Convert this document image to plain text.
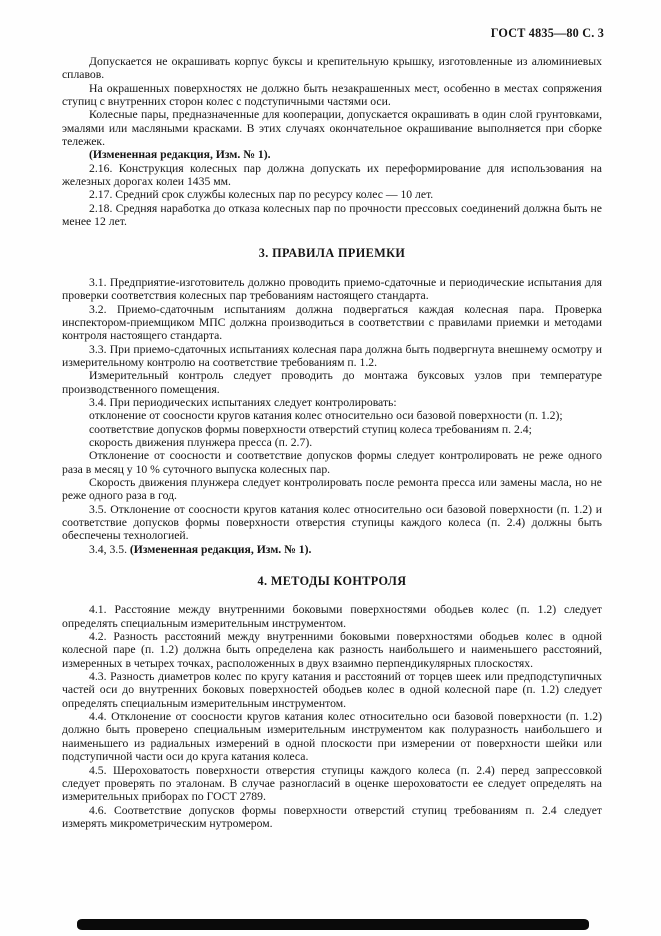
ГОСТ 4835—80 С. 3

Допускается не окрашивать корпус буксы и крепительную крышку, изготовленные из алюминиевых сплавов.

На окрашенных поверхностях не должно быть незакрашенных мест, особенно в местах сопряжения ступиц с внутренних сторон колес с подступичными частями оси.

Колесные пары, предназначенные для кооперации, допускается окрашивать в один слой грунтовками, эмалями или масляными красками. В этих случаях окончательное окрашивание выполняется при сборке тележек.

(Измененная редакция, Изм. № 1).

2.16. Конструкция колесных пар должна допускать их переформирование для использования на железных дорогах колеи 1435 мм.

2.17. Средний срок службы колесных пар по ресурсу колес — 10 лет.

2.18. Средняя наработка до отказа колесных пар по прочности прессовых соединений должна быть не менее 12 лет.

3. ПРАВИЛА ПРИЕМКИ

3.1. Предприятие-изготовитель должно проводить приемо-сдаточные и периодические испытания для проверки соответствия колесных пар требованиям настоящего стандарта.

3.2. Приемо-сдаточным испытаниям должна подвергаться каждая колесная пара. Проверка инспектором-приемщиком МПС должна производиться в соответствии с правилами приемки и методами контроля настоящего стандарта.

3.3. При приемо-сдаточных испытаниях колесная пара должна быть подвергнута внешнему осмотру и измерительному контролю на соответствие требованиям п. 1.2.

Измерительный контроль следует проводить до монтажа буксовых узлов при температуре производственного помещения.

3.4. При периодических испытаниях следует контролировать:

отклонение от соосности кругов катания колес относительно оси базовой поверхности (п. 1.2);

соответствие допусков формы поверхности отверстий ступиц колеса требованиям п. 2.4;

скорость движения плунжера пресса (п. 2.7).

Отклонение от соосности и соответствие допусков формы следует контролировать не реже одного раза в месяц у 10 % суточного выпуска колесных пар.

Скорость движения плунжера следует контролировать после ремонта пресса или замены масла, но не реже одного раза в год.

3.5. Отклонение от соосности кругов катания колес относительно оси базовой поверхности (п. 1.2) и соответствие допусков формы поверхности отверстия ступицы каждого колеса (п. 2.4) должны быть обеспечены технологией.

3.4, 3.5. (Измененная редакция, Изм. № 1).

4. МЕТОДЫ КОНТРОЛЯ

4.1. Расстояние между внутренними боковыми поверхностями ободьев колес (п. 1.2) следует определять специальным измерительным инструментом.

4.2. Разность расстояний между внутренними боковыми поверхностями ободьев колес в одной колесной паре (п. 1.2) должна быть определена как разность наибольшего и наименьшего расстояний, измеренных в четырех точках, расположенных в двух взаимно перпендикулярных плоскостях.

4.3. Разность диаметров колес по кругу катания и расстояний от торцев шеек или предподступичных частей оси до внутренних боковых поверхностей ободьев колес в одной колесной паре (п. 1.2) следует определять специальным измерительным инструментом.

4.4. Отклонение от соосности кругов катания колес относительно оси базовой поверхности (п. 1.2) должно быть проверено специальным измерительным инструментом как полуразность наибольшего и наименьшего из радиальных измерений в одной плоскости при измерении от поверхности шейки или подступичной части оси до круга катания колеса.

4.5. Шероховатость поверхности отверстия ступицы каждого колеса (п. 2.4) перед запрессовкой следует проверять по эталонам. В случае разногласий в оценке шероховатости ее следует определять на измерительных приборах по ГОСТ 2789.

4.6. Соответствие допусков формы поверхности отверстий ступиц требованиям п. 2.4 следует измерять микрометрическим нутромером.
